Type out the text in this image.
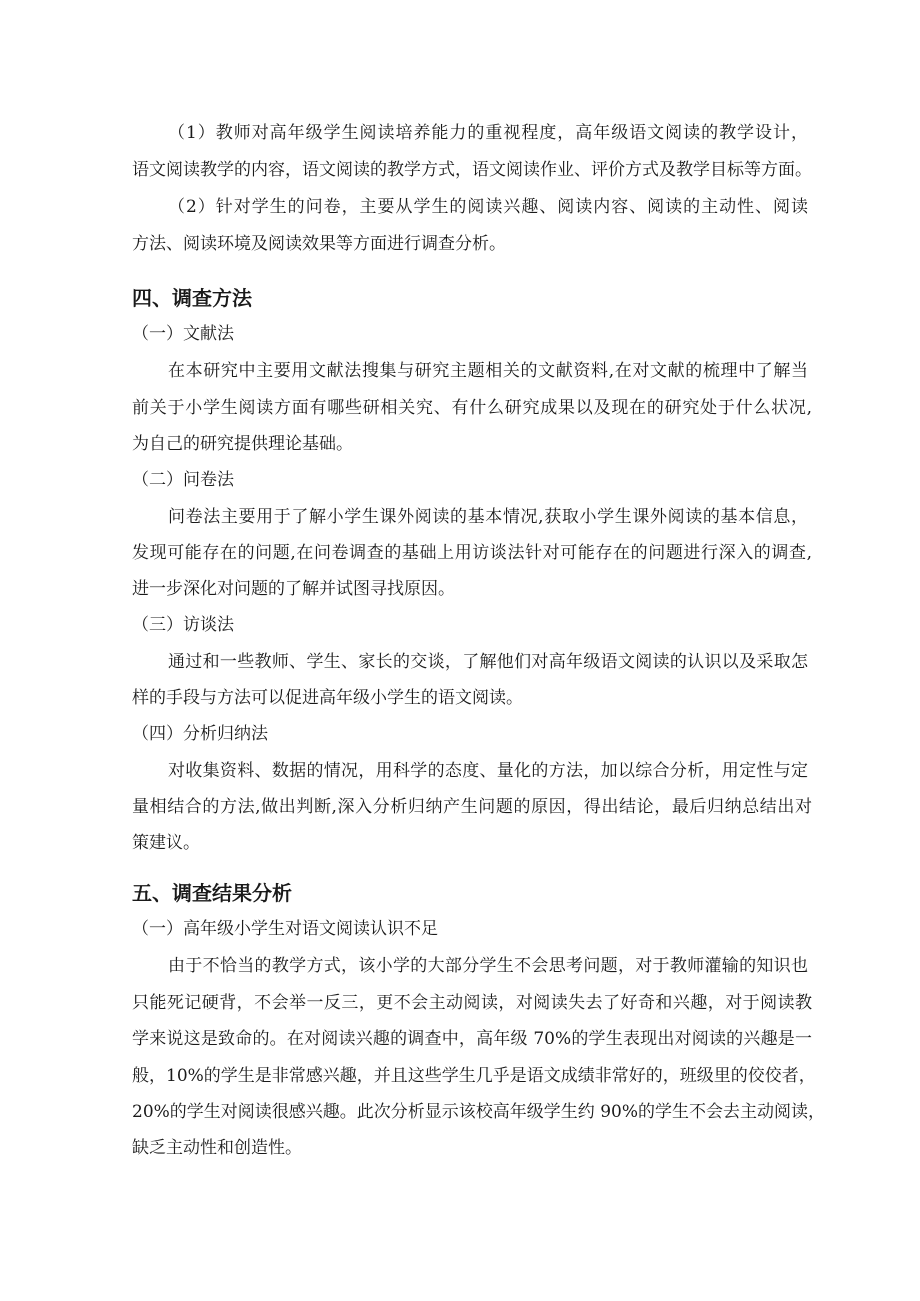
（1）教师对高年级学生阅读培养能力的重视程度，高年级语文阅读的教学设计，
语文阅读教学的内容，语文阅读的教学方式，语文阅读作业、评价方式及教学目标等方面。
（2）针对学生的问卷，主要从学生的阅读兴趣、阅读内容、阅读的主动性、阅读
方法、阅读环境及阅读效果等方面进行调查分析。
四、调查方法
（一）文献法
在本研究中主要用文献法搜集与研究主题相关的文献资料,在对文献的梳理中了解当
前关于小学生阅读方面有哪些研相关究、有什么研究成果以及现在的研究处于什么状况,
为自己的研究提供理论基础。
（二）问卷法
问卷法主要用于了解小学生课外阅读的基本情况,获取小学生课外阅读的基本信息，
发现可能存在的问题,在问卷调查的基础上用访谈法针对可能存在的问题进行深入的调查,
进一步深化对问题的了解并试图寻找原因。
（三）访谈法
通过和一些教师、学生、家长的交谈，了解他们对高年级语文阅读的认识以及采取怎
样的手段与方法可以促进高年级小学生的语文阅读。
（四）分析归纳法
对收集资料、数据的情况，用科学的态度、量化的方法，加以综合分析，用定性与定
量相结合的方法,做出判断,深入分析归纳产生问题的原因，得出结论，最后归纳总结出对
策建议。
五、调查结果分析
（一）高年级小学生对语文阅读认识不足
由于不恰当的教学方式，该小学的大部分学生不会思考问题，对于教师灌输的知识也
只能死记硬背，不会举一反三，更不会主动阅读，对阅读失去了好奇和兴趣，对于阅读教
学来说这是致命的。在对阅读兴趣的调查中，高年级 70%的学生表现出对阅读的兴趣是一
般，10%的学生是非常感兴趣，并且这些学生几乎是语文成绩非常好的，班级里的佼佼者，
20%的学生对阅读很感兴趣。此次分析显示该校高年级学生约 90%的学生不会去主动阅读，
缺乏主动性和创造性。
